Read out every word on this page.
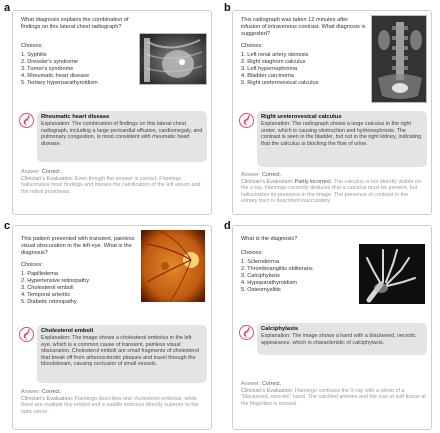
a
What diagnosis explains the combination of findings on this lateral chest radiograph?
Choices:
1. Syphilis
2. Dressler's syndrome
3. Turner's syndrome
4. Rheumatic heart disease
5. Tertiary hyperparathyroidism
Rheumatic heart disease
Explanation: The combination of findings on this lateral chest radiograph, including a large pericardial effusion, cardiomegaly, and pulmonary congestion, is most consistent with rheumatic heart disease.
Answer: Correct.
Clinician's Evaluation: Even though the answer is correct, Flamingo hallucinates most findings and misses the calcification of the left atrium and the mitral prosthesis.
b
This radiograph was taken 12 minutes after infusion of intravenous contrast. What diagnosis is suggested?
Choices:
1. Left renal artery stenosis
2. Right staghorn calculus
3. Left hypernephroma
4. Bladder carcinoma
5. Right ureterovesical calculus
Right ureterovesical calculus
Explanation: The radiograph shows a large calculus in the right ureter, which is causing obstruction and hydronephrosis. The contrast is seen in the bladder, but not in the right kidney, indicating that the calculus is blocking the flow of urine.
Answer: Correct.
Clinician's Evaluation: Partly incorrect. The calculus is not directly visible on the x-ray. Flamingo correctly deduces that a calculus must be present, but hallucinates its presence in the image. The presence of contrast in the urinary tract is described inaccurately.
c
This patient presented with transient, painless visual obscuration in the left eye. What is the diagnosis?
Choices:
1. Papilledema
2. Hypertensive retinopathy
3. Cholesterol emboli
4. Temporal arteritis
5. Diabetic retinopathy
Cholesterol emboli
Explanation: The image shows a cholesterol embolus in the left eye, which is a common cause of transient, painless visual obscuration. Cholesterol emboli are small fragments of cholesterol that break off from atherosclerotic plaques and travel through the bloodstream, causing occlusion of small vessels.
Answer: Correct.
Clinician's Evaluation: Flamingo describes one cholesterol embolus, while there are multiple tiny emboli and a saddle embolus directly superior to the optic nerve.
d
What is the diagnosis?
Choices:
1. Scleroderma
2. Thromboangiitis obliterans
3. Calciphylaxis
4. Hypoparathyroidism
5. Osteomyelitis
Calciphylaxis
Explanation: The image shows a hand with a blackened, necrotic appearance, which is characteristic of calciphylaxis.
Answer: Correct.
Clinician's Evaluation: Flamingo confuses the X-ray with a photo of a "blackened, necrotic" hand. The calcified arteries and the loss of soft tissue at the fingertips is missed.
